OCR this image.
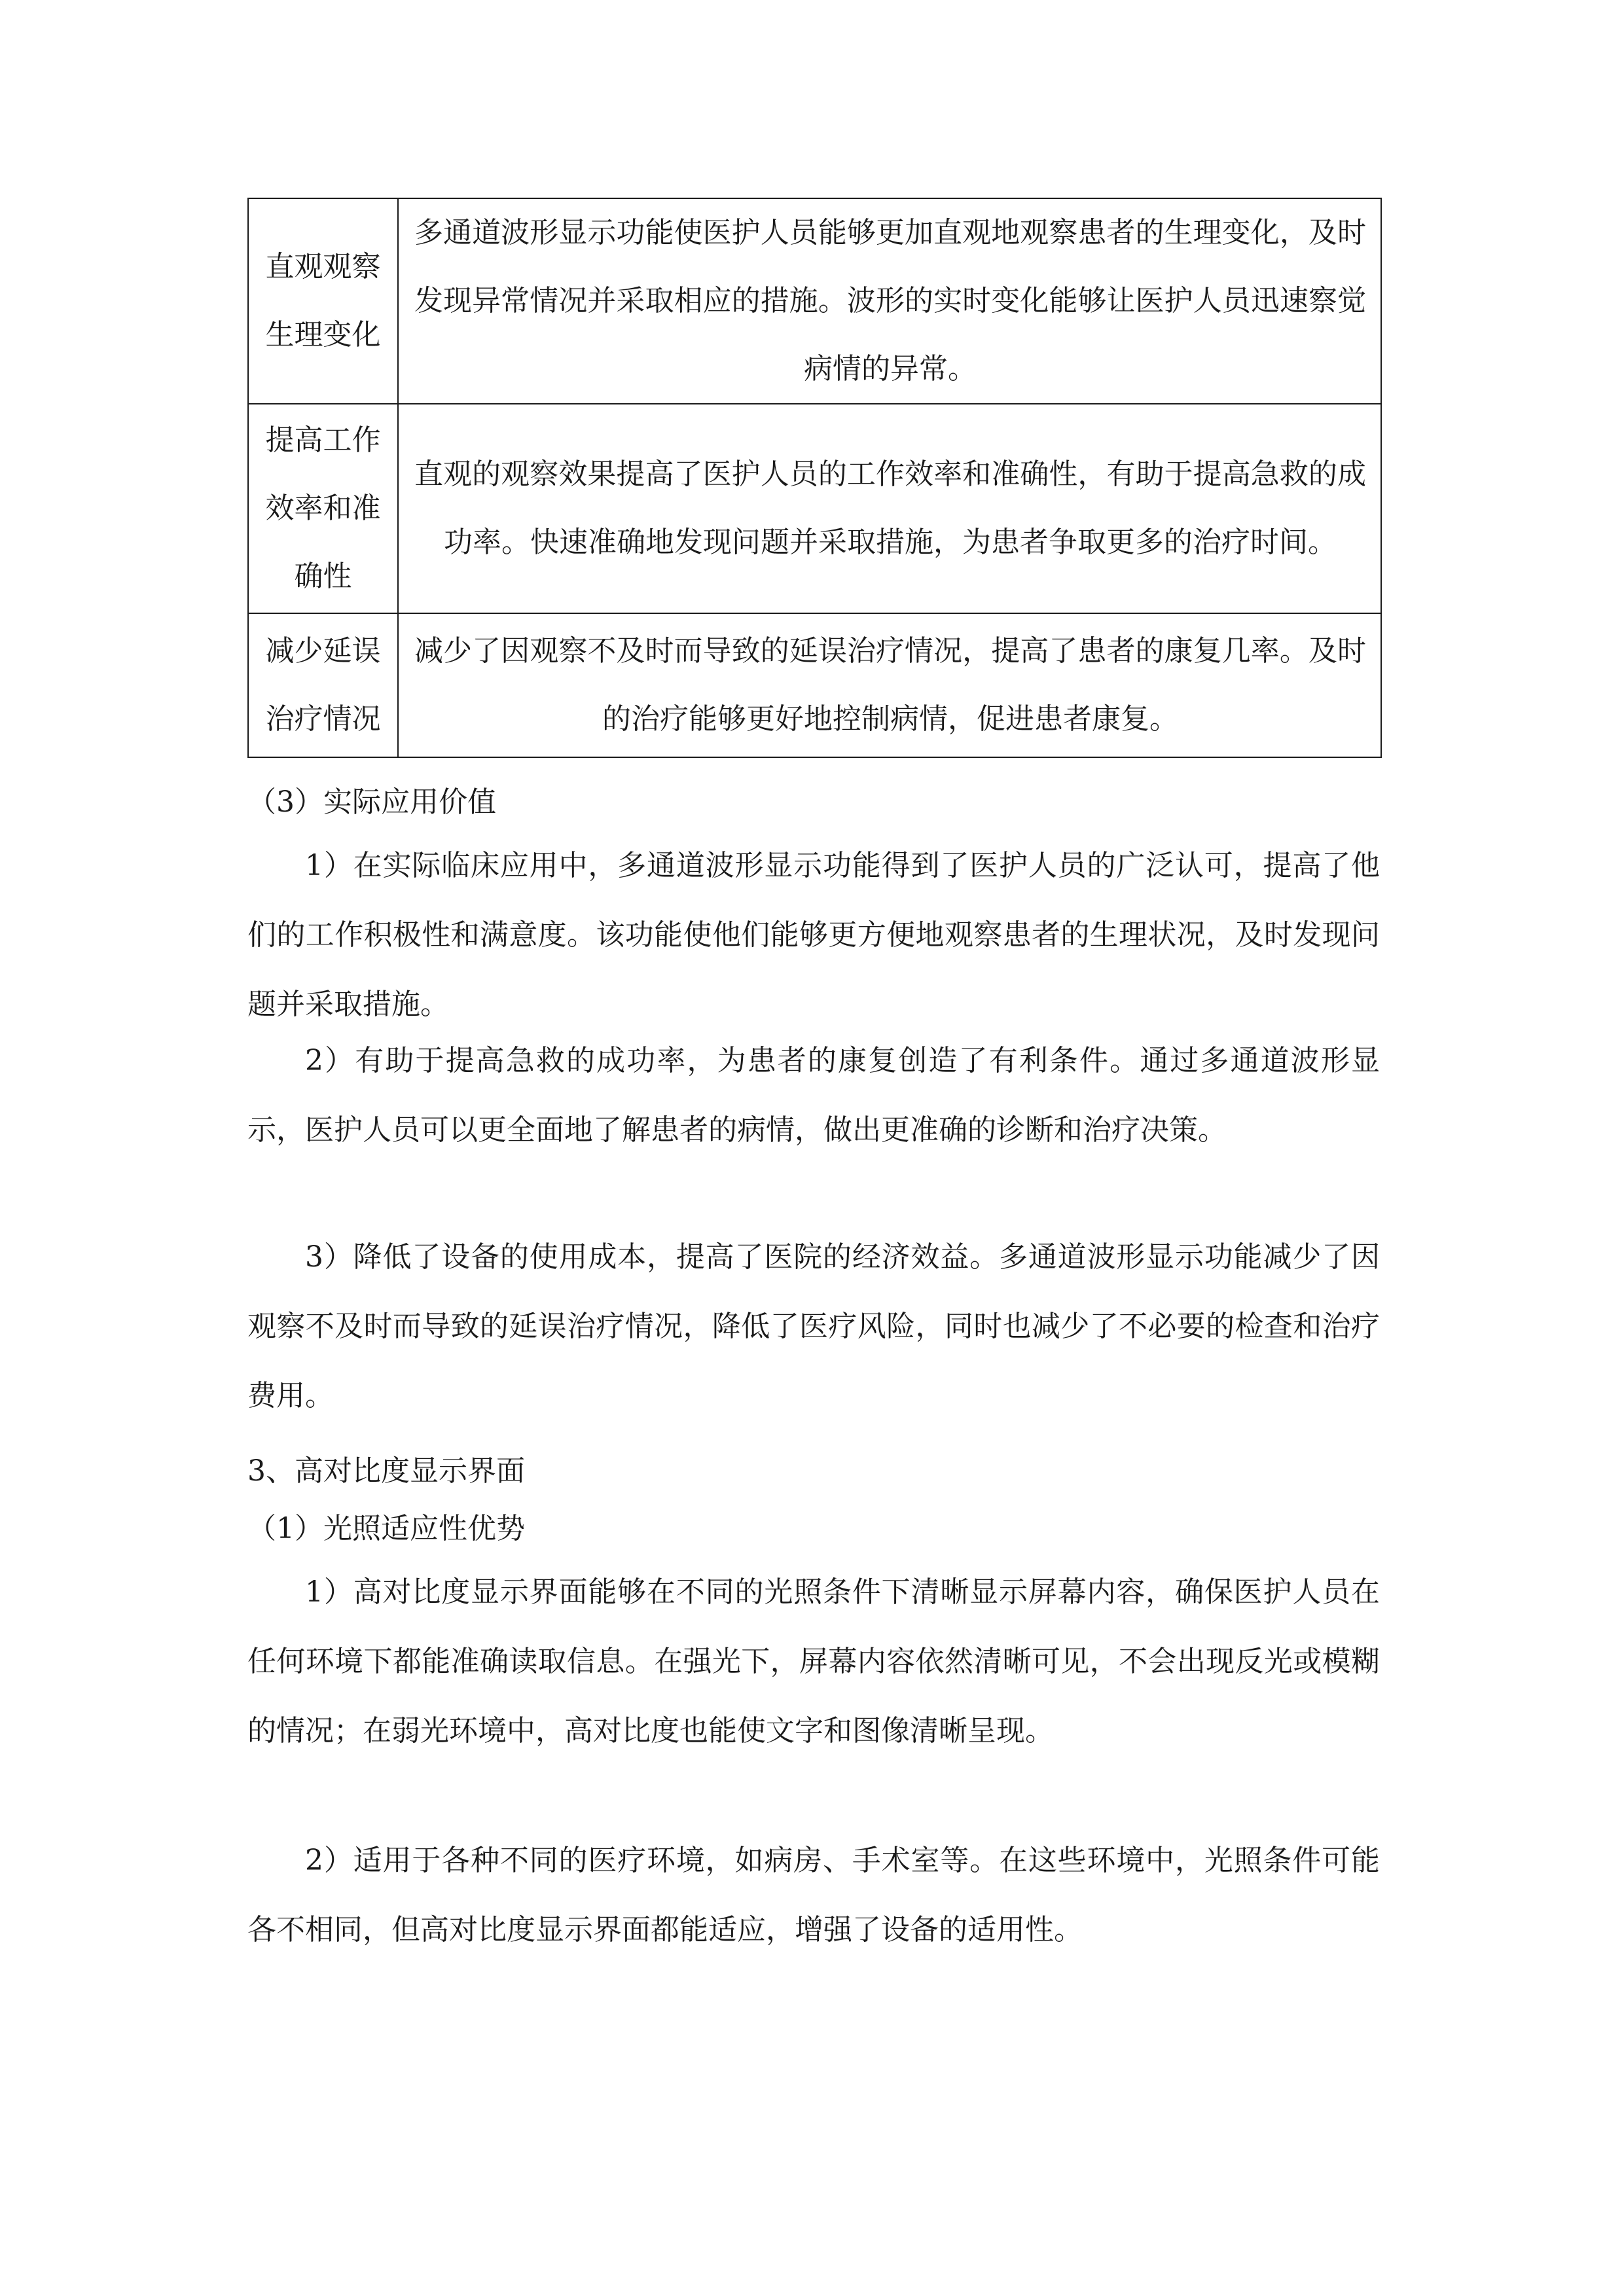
直观观察生理变化	多通道波形显示功能使医护人员能够更加直观地观察患者的生理变化，及时发现异常情况并采取相应的措施。波形的实时变化能够让医护人员迅速察觉病情的异常。

提高工作效率和准确性	直观的观察效果提高了医护人员的工作效率和准确性，有助于提高急救的成功率。快速准确地发现问题并采取措施，为患者争取更多的治疗时间。

减少延误治疗情况	减少了因观察不及时而导致的延误治疗情况，提高了患者的康复几率。及时的治疗能够更好地控制病情，促进患者康复。
（3）实际应用价值
1）在实际临床应用中，多通道波形显示功能得到了医护人员的广泛认可，提高了他们的工作积极性和满意度。该功能使他们能够更方便地观察患者的生理状况，及时发现问题并采取措施。
2）有助于提高急救的成功率，为患者的康复创造了有利条件。通过多通道波形显示，医护人员可以更全面地了解患者的病情，做出更准确的诊断和治疗决策。
3）降低了设备的使用成本，提高了医院的经济效益。多通道波形显示功能减少了因观察不及时而导致的延误治疗情况，降低了医疗风险，同时也减少了不必要的检查和治疗费用。
3、高对比度显示界面
（1）光照适应性优势
1）高对比度显示界面能够在不同的光照条件下清晰显示屏幕内容，确保医护人员在任何环境下都能准确读取信息。在强光下，屏幕内容依然清晰可见，不会出现反光或模糊的情况；在弱光环境中，高对比度也能使文字和图像清晰呈现。
2）适用于各种不同的医疗环境，如病房、手术室等。在这些环境中，光照条件可能各不相同，但高对比度显示界面都能适应，增强了设备的适用性。
